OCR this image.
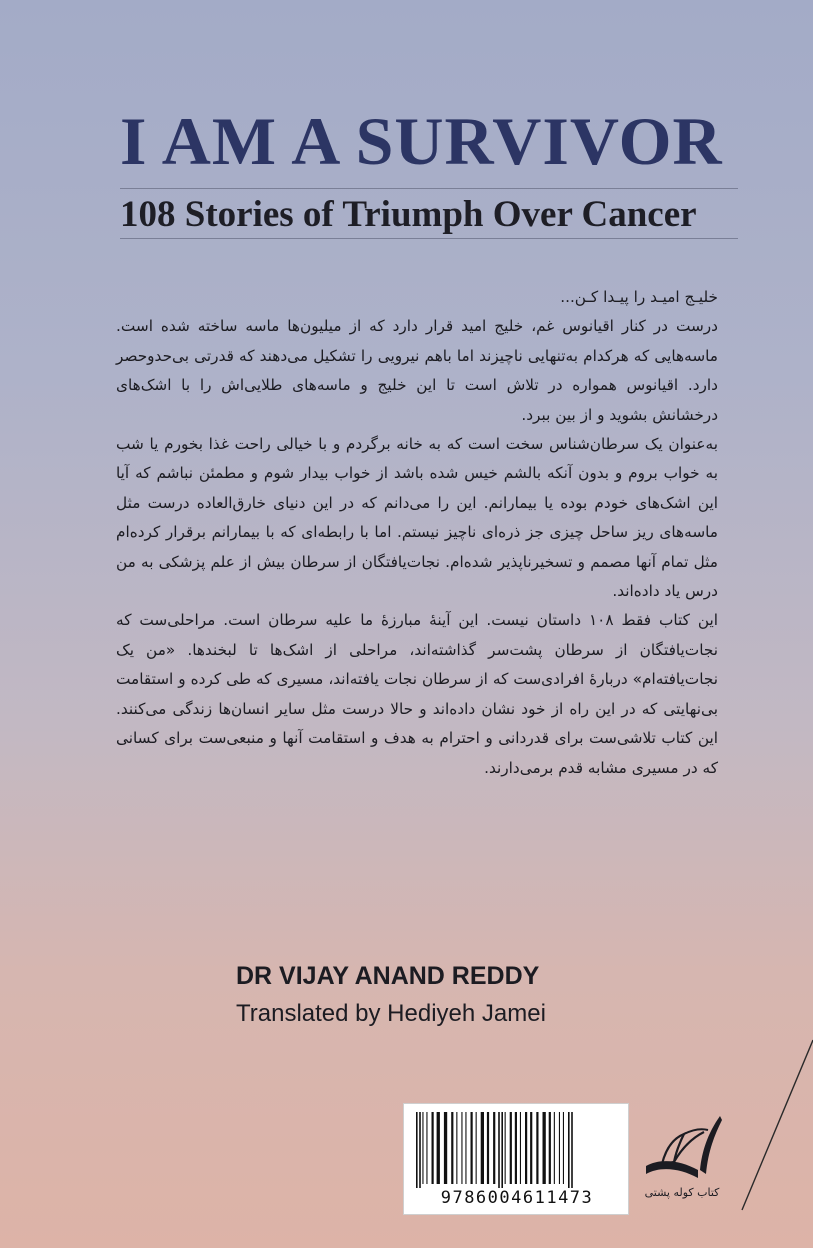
I AM A SURVIVOR
108 Stories of Triumph Over Cancer

خلیـج امیـد را پیـدا کـن...

درست در کنار اقیانوس غم، خلیج امید قرار دارد که از میلیون‌ها ماسه ساخته شده است. ماسه‌هایی که هرکدام به‌تنهایی ناچیزند اما باهم نیرویی را تشکیل می‌دهند که قدرتی بی‌حدوحصر دارد. اقیانوس همواره در تلاش است تا این خلیج و ماسه‌های طلایی‌اش را با اشک‌های درخشانش بشوید و از بین ببرد.

به‌عنوان یک سرطان‌شناس سخت است که به خانه برگردم و با خیالی راحت غذا بخورم یا شب به خواب بروم و بدون آنکه بالشم خیس شده باشد از خواب بیدار شوم و مطمئن نباشم که آیا این اشک‌های خودم بوده یا بیمارانم. این را می‌دانم که در این دنیای خارق‌العاده درست مثل ماسه‌های ریز ساحل چیزی جز ذره‌ای ناچیز نیستم. اما با رابطه‌ای که با بیمارانم برقرار کرده‌ام مثل تمام آنها مصمم و تسخیرناپذیر شده‌ام. نجات‌یافتگان از سرطان بیش از علم پزشکی به من درس یاد داده‌اند.

این کتاب فقط ۱۰۸ داستان نیست. این آینهٔ مبارزهٔ ما علیه سرطان است. مراحلی‌ست که نجات‌یافتگان از سرطان پشت‌سر گذاشته‌اند، مراحلی از اشک‌ها تا لبخندها. «من یک نجات‌یافته‌ام» دربارهٔ افرادی‌ست که از سرطان نجات یافته‌اند، مسیری که طی کرده و استقامت بی‌نهایتی که در این راه از خود نشان داده‌اند و حالا درست مثل سایر انسان‌ها زندگی می‌کنند. این کتاب تلاشی‌ست برای قدردانی و احترام به هدف و استقامت آنها و منبعی‌ست برای کسانی که در مسیری مشابه قدم برمی‌دارند.

DR VIJAY ANAND REDDY
Translated by Hediyeh Jamei
9786004611473	کتاب کوله پشتی
